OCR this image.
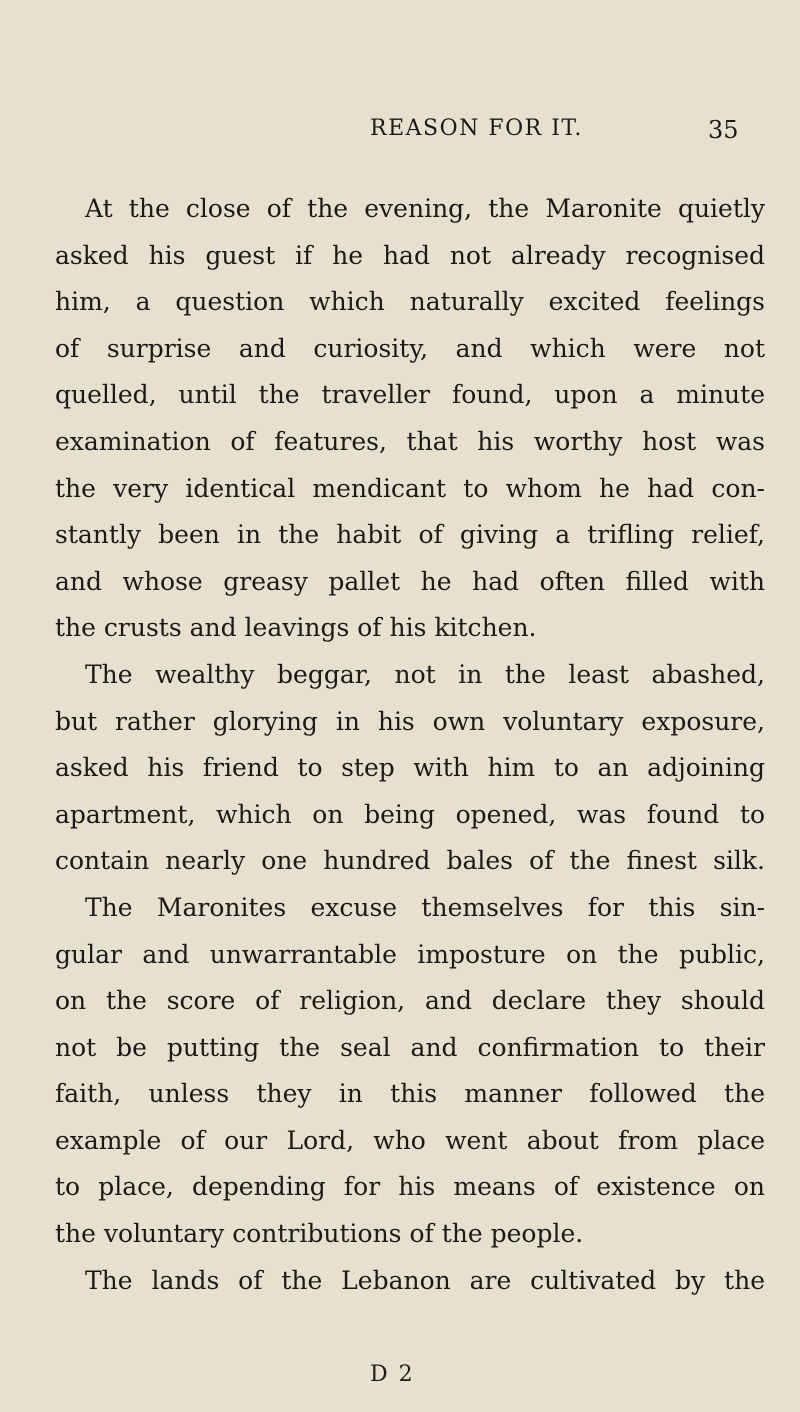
REASON FOR IT.	35
At the close of the evening, the Maronite quietly
asked his guest if he had not already recognised
him, a question which naturally excited feelings
of surprise and curiosity, and which were not
quelled, until the traveller found, upon a minute
examination of features, that his worthy host was
the very identical mendicant to whom he had con-
stantly been in the habit of giving a trifling relief,
and whose greasy pallet he had often filled with
the crusts and leavings of his kitchen.
The wealthy beggar, not in the least abashed,
but rather glorying in his own voluntary exposure,
asked his friend to step with him to an adjoining
apartment, which on being opened, was found to
contain nearly one hundred bales of the finest silk.
The Maronites excuse themselves for this sin-
gular and unwarrantable imposture on the public,
on the score of religion, and declare they should
not be putting the seal and confirmation to their
faith, unless they in this manner followed the
example of our Lord, who went about from place
to place, depending for his means of existence on
the voluntary contributions of the people.
The lands of the Lebanon are cultivated by the
D 2
